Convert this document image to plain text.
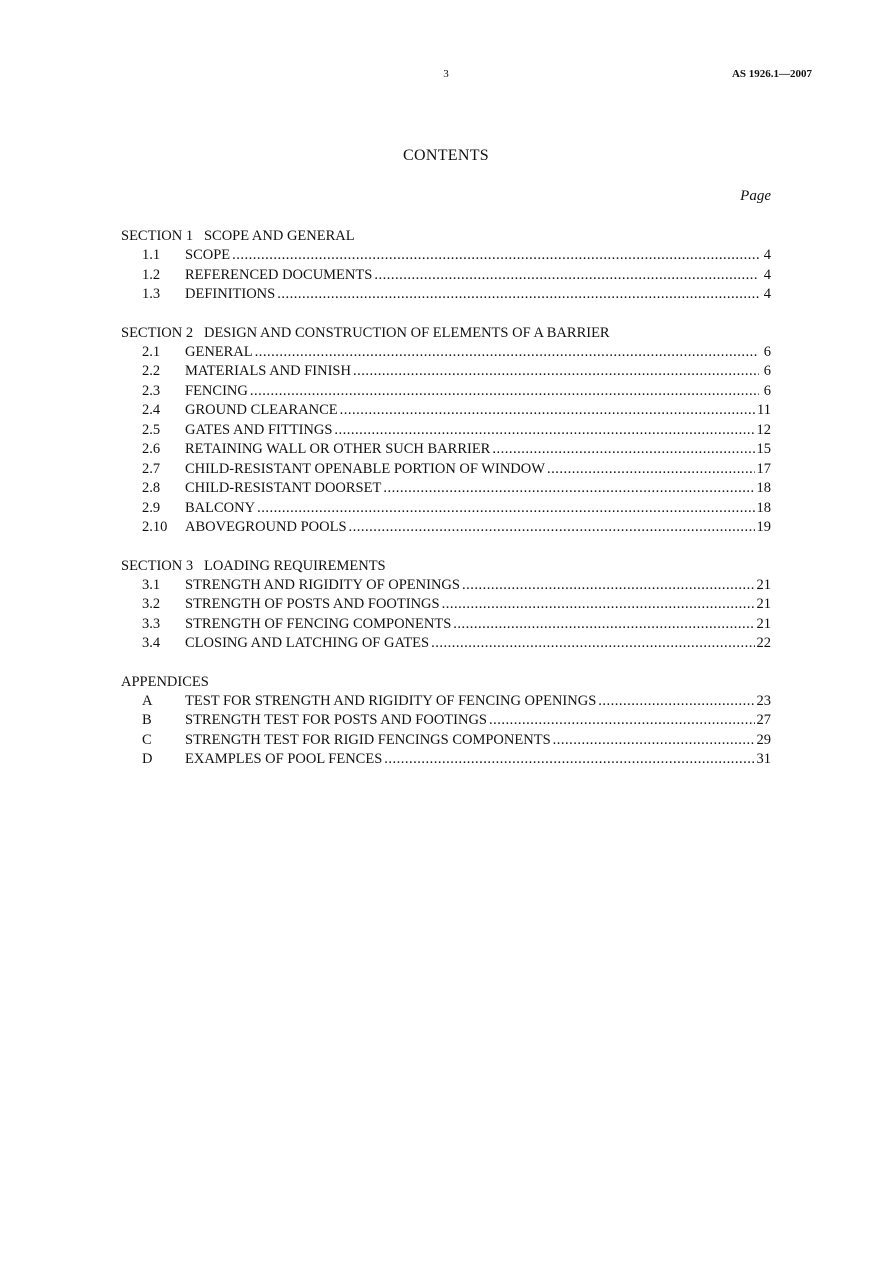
3	AS 1926.1—2007
CONTENTS
Page
SECTION 1   SCOPE AND GENERAL
1.1	SCOPE .....	4
1.2	REFERENCED DOCUMENTS .....	4
1.3	DEFINITIONS .....	4
SECTION 2   DESIGN AND CONSTRUCTION OF ELEMENTS OF A BARRIER
2.1	GENERAL .....	6
2.2	MATERIALS AND FINISH .....	6
2.3	FENCING .....	6
2.4	GROUND CLEARANCE .....	11
2.5	GATES AND FITTINGS .....	12
2.6	RETAINING WALL OR OTHER SUCH BARRIER .....	15
2.7	CHILD-RESISTANT OPENABLE PORTION OF WINDOW .....	17
2.8	CHILD-RESISTANT DOORSET .....	18
2.9	BALCONY .....	18
2.10	ABOVEGROUND POOLS .....	19
SECTION 3   LOADING REQUIREMENTS
3.1	STRENGTH AND RIGIDITY OF OPENINGS .....	21
3.2	STRENGTH OF POSTS AND FOOTINGS .....	21
3.3	STRENGTH OF FENCING COMPONENTS .....	21
3.4	CLOSING AND LATCHING OF GATES .....	22
APPENDICES
A	TEST FOR STRENGTH AND RIGIDITY OF FENCING OPENINGS .....	23
B	STRENGTH TEST FOR POSTS AND FOOTINGS .....	27
C	STRENGTH TEST FOR RIGID FENCINGS COMPONENTS .....	29
D	EXAMPLES OF POOL FENCES .....	31
